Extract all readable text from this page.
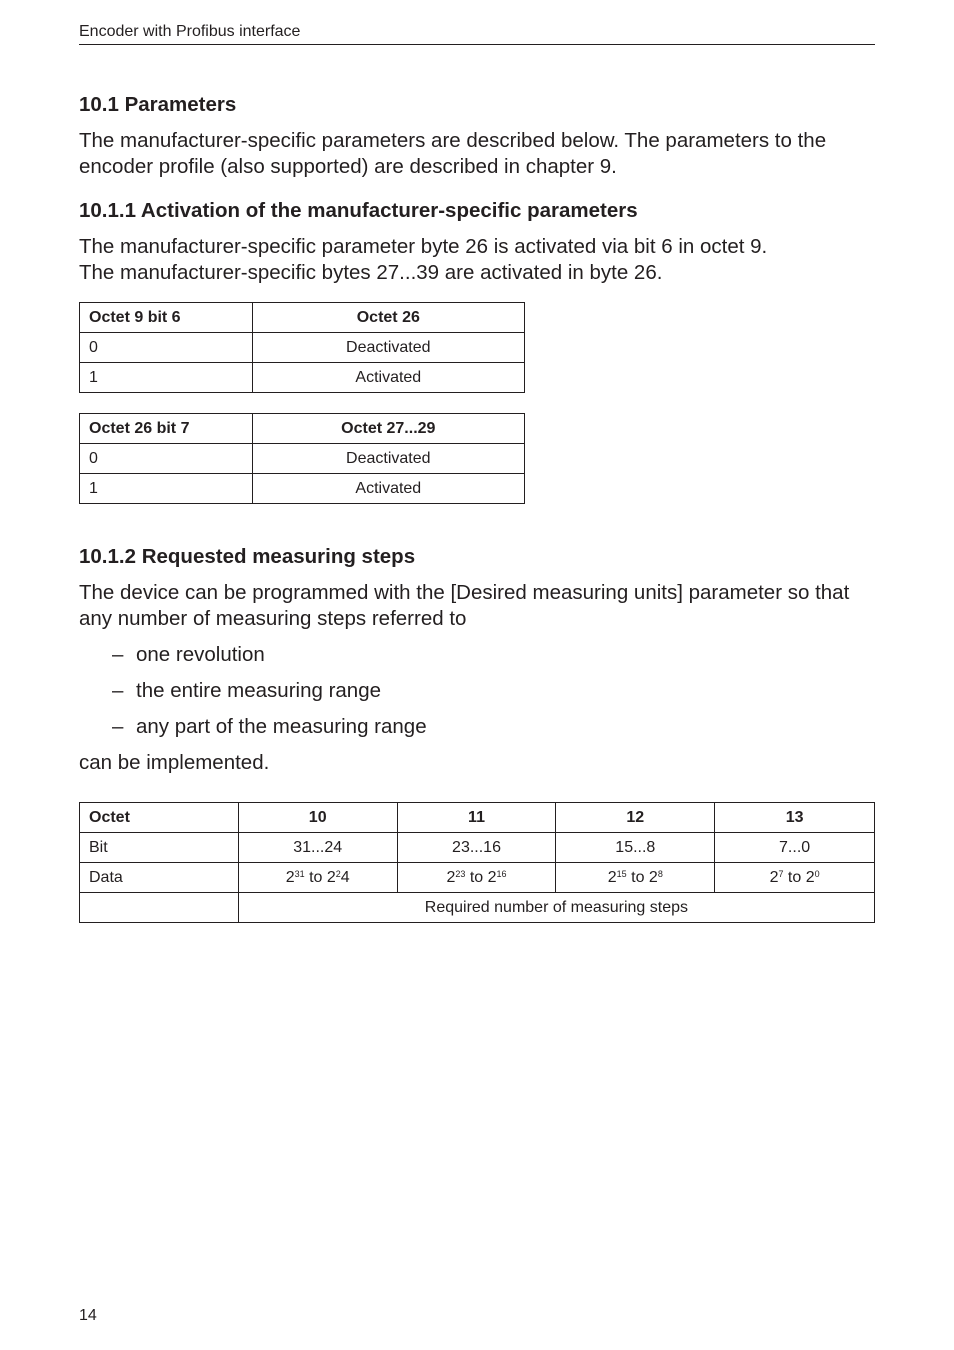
Encoder with Profibus interface
10.1 Parameters

The manufacturer-specific parameters are described below. The parameters to the encoder profile (also supported) are described in chapter 9.

10.1.1 Activation of the manufacturer-specific parameters

The manufacturer-specific parameter byte 26 is activated via bit 6 in octet 9.

The manufacturer-specific bytes 27...39 are activated in byte 26.

Octet 9 bit 6	Octet 26
0	Deactivated
1	Activated
Octet 26 bit 7	Octet 27...29
0	Deactivated
1	Activated
10.1.2 Requested measuring steps

The device can be programmed with the [Desired measuring units] parameter so that any number of measuring steps referred to

– one revolution
– the entire measuring range
– any part of the measuring range

can be implemented.

Octet	10	11	12	13
Bit	31...24	23...16	15...8	7...0
Data	$2^{31}$ to $2^24$	$2^{23}$ to $2^{16}$	$2^{15}$ to $2^8$	$2^7$ to $2^0$
	Required number of measuring steps			
14
